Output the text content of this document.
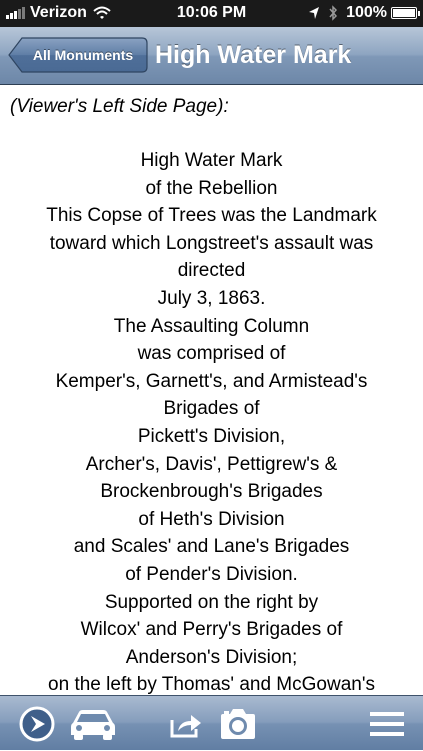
Verizon	10:06 PM	100%
All Monuments High Water Mark
(Viewer's Left Side Page):
High Water Mark
of the Rebellion
This Copse of Trees was the Landmark
toward which Longstreet's assault was
directed
July 3, 1863.
The Assaulting Column
was comprised of
Kemper's, Garnett's, and Armistead's
Brigades of
Pickett's Division,
Archer's, Davis', Pettigrew's &
Brockenbrough's Brigades
of Heth's Division
and Scales' and Lane's Brigades
of Pender's Division.
Supported on the right by
Wilcox' and Perry's Brigades of
Anderson's Division;
on the left by Thomas' and McGowan's
